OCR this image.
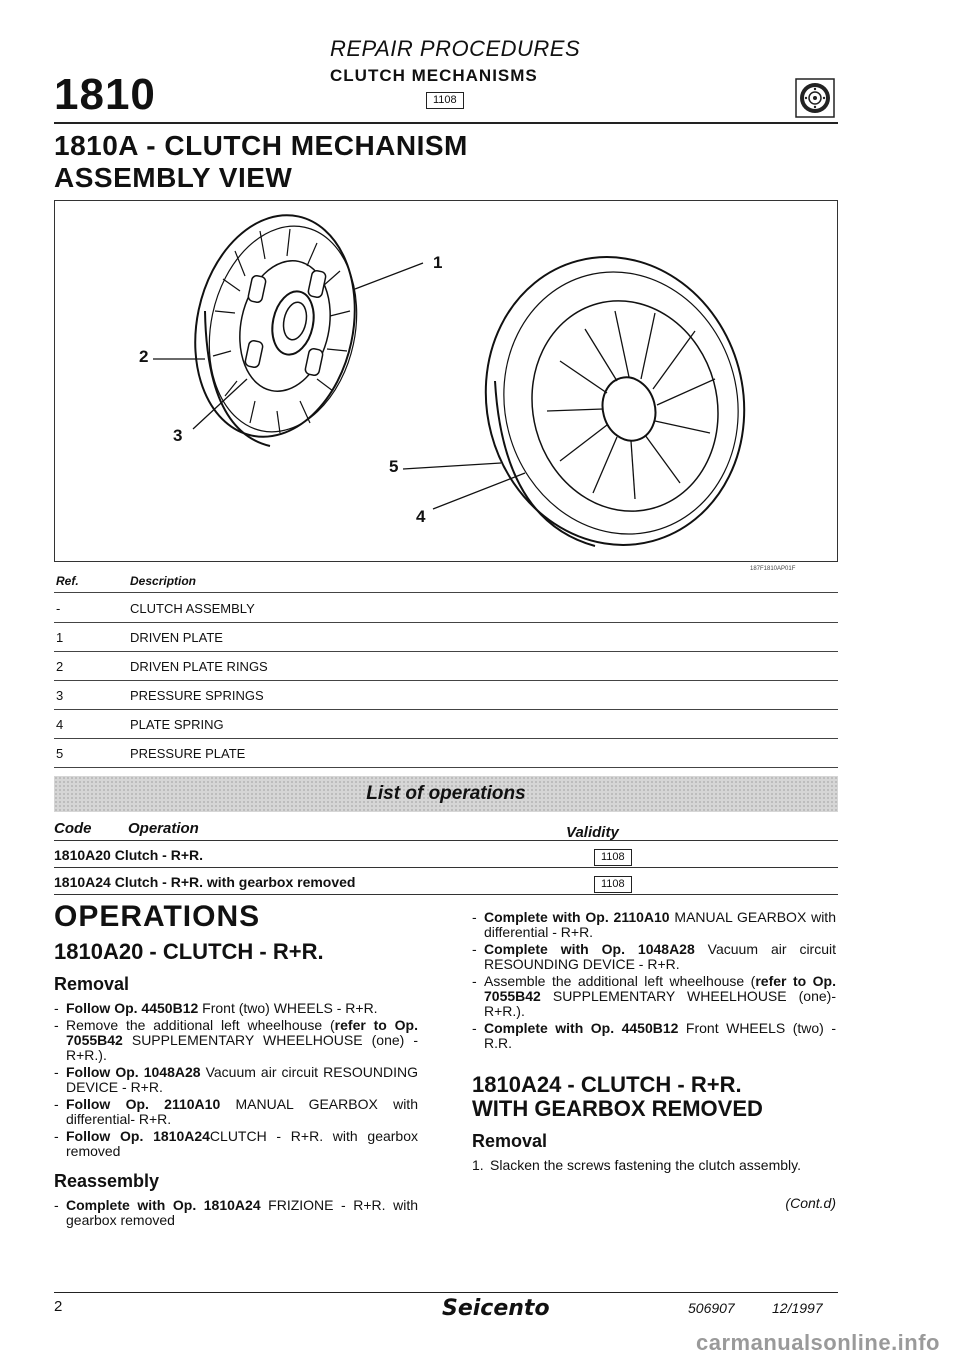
REPAIR PROCEDURES
CLUTCH MECHANISMS
1810	1108
1810A - CLUTCH MECHANISM
ASSEMBLY VIEW
1
2
3
4
5
187F1810AP01F
Ref.	Description
-	CLUTCH ASSEMBLY
1	DRIVEN PLATE
2	DRIVEN PLATE RINGS
3	PRESSURE SPRINGS
4	PLATE SPRING
5	PRESSURE PLATE
List of operations
Code Operation	Validity
1810A20 Clutch - R+R.	1108
1810A24 Clutch - R+R. with gearbox removed	1108
OPERATIONS
1810A20 - CLUTCH - R+R.
Removal
- Follow Op. 4450B12 Front (two) WHEELS - R+R.
- Remove the additional left wheelhouse (refer to Op. 7055B42 SUPPLEMENTARY WHEELHOUSE (one) - R+R.).
- Follow Op. 1048A28 Vacuum air circuit RESOUNDING DEVICE - R+R.
- Follow Op. 2110A10 MANUAL GEARBOX with differential- R+R.
- Follow Op. 1810A24CLUTCH - R+R. with gearbox removed
Reassembly
- Complete with Op. 1810A24 FRIZIONE - R+R. with gearbox removed
- Complete with Op. 2110A10 MANUAL GEARBOX with differential - R+R.
- Complete with Op. 1048A28 Vacuum air circuit RESOUNDING DEVICE - R+R.
- Assemble the additional left wheelhouse (refer to Op. 7055B42 SUPPLEMENTARY WHEELHOUSE (one)- R+R.).
- Complete with Op. 4450B12 Front WHEELS (two) - R.R.
1810A24 - CLUTCH - R+R.
WITH GEARBOX REMOVED
Removal
1. Slacken the screws fastening the clutch assembly.
(Cont.d)
2	Seicento	506907	12/1997
carmanualsonline.info
